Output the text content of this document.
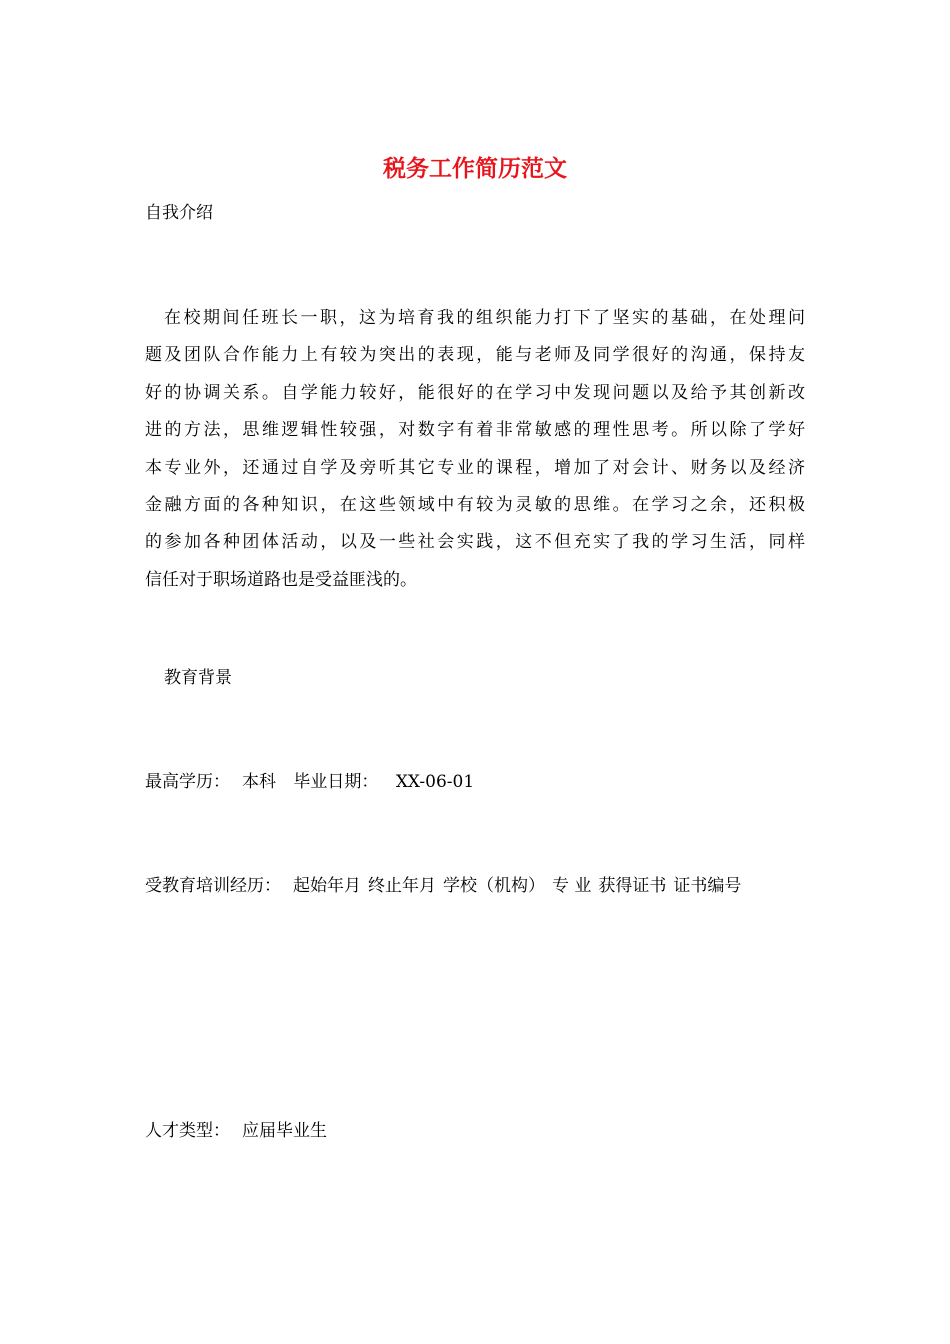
税务工作简历范文

自我介绍

在校期间任班长一职，这为培育我的组织能力打下了坚实的基础，在处理问
题及团队合作能力上有较为突出的表现，能与老师及同学很好的沟通，保持友
好的协调关系。自学能力较好，能很好的在学习中发现问题以及给予其创新改
进的方法，思维逻辑性较强，对数字有着非常敏感的理性思考。所以除了学好
本专业外，还通过自学及旁听其它专业的课程，增加了对会计、财务以及经济
金融方面的各种知识，在这些领域中有较为灵敏的思维。在学习之余，还积极
的参加各种团体活动，以及一些社会实践，这不但充实了我的学习生活，同样
信任对于职场道路也是受益匪浅的。

教育背景

最高学历： 本科 毕业日期： XX-06-01

受教育培训经历： 起始年月 终止年月 学校（机构） 专 业 获得证书 证书编号

人才类型： 应届毕业生
